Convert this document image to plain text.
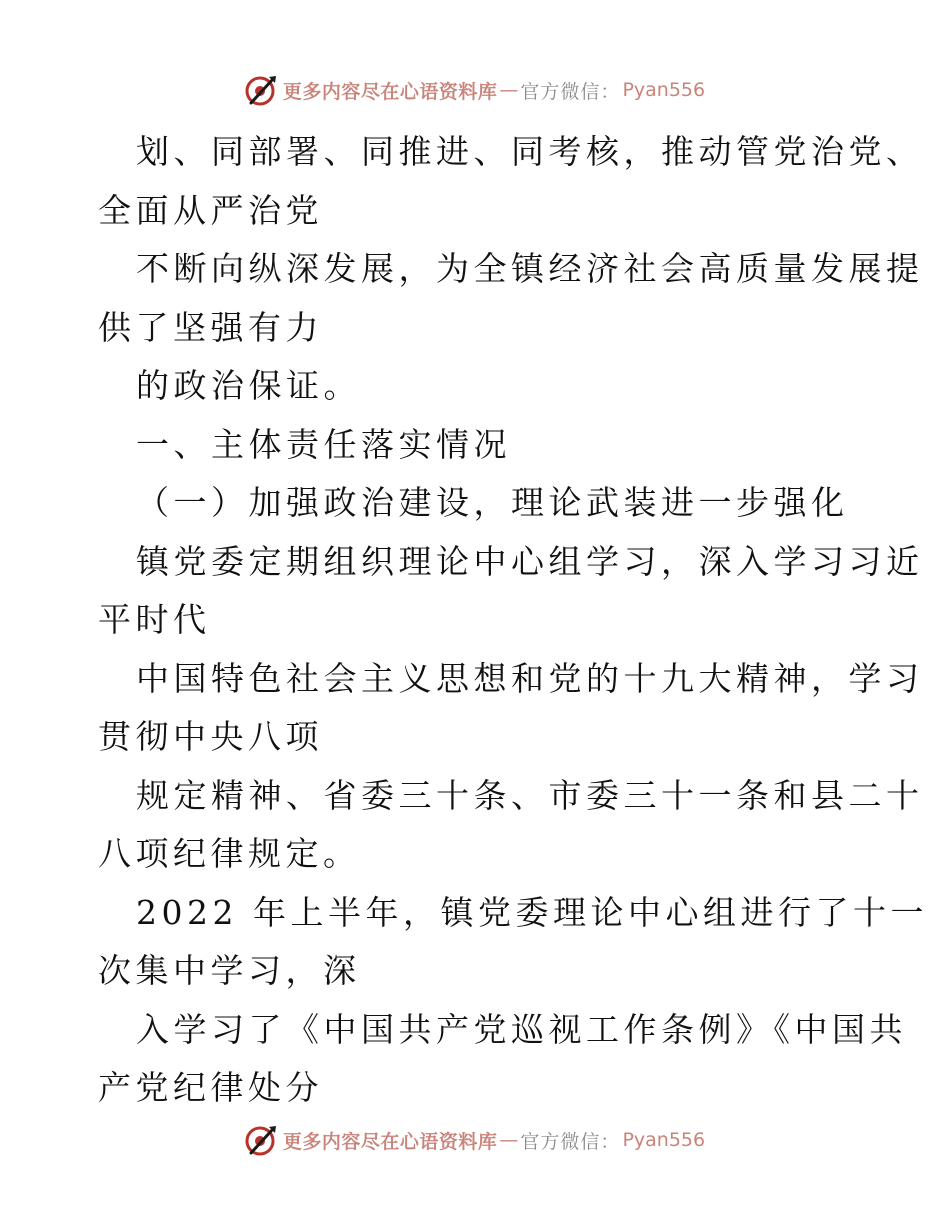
更多内容尽在心语资料库 — 官方微信： Pyan556

划、同部署、同推进、同考核，推动管党治党、

全面从严治党

不断向纵深发展，为全镇经济社会高质量发展提

供了坚强有力

的政治保证。

一、主体责任落实情况

（一）加强政治建设，理论武装进一步强化

镇党委定期组织理论中心组学习，深入学习习近

平时代

中国特色社会主义思想和党的十九大精神，学习

贯彻中央八项

规定精神、省委三十条、市委三十一条和县二十

八项纪律规定。

2022 年上半年，镇党委理论中心组进行了十一

次集中学习，深

入学习了《中国共产党巡视工作条例》《中国共

产党纪律处分

更多内容尽在心语资料库 — 官方微信： Pyan556
